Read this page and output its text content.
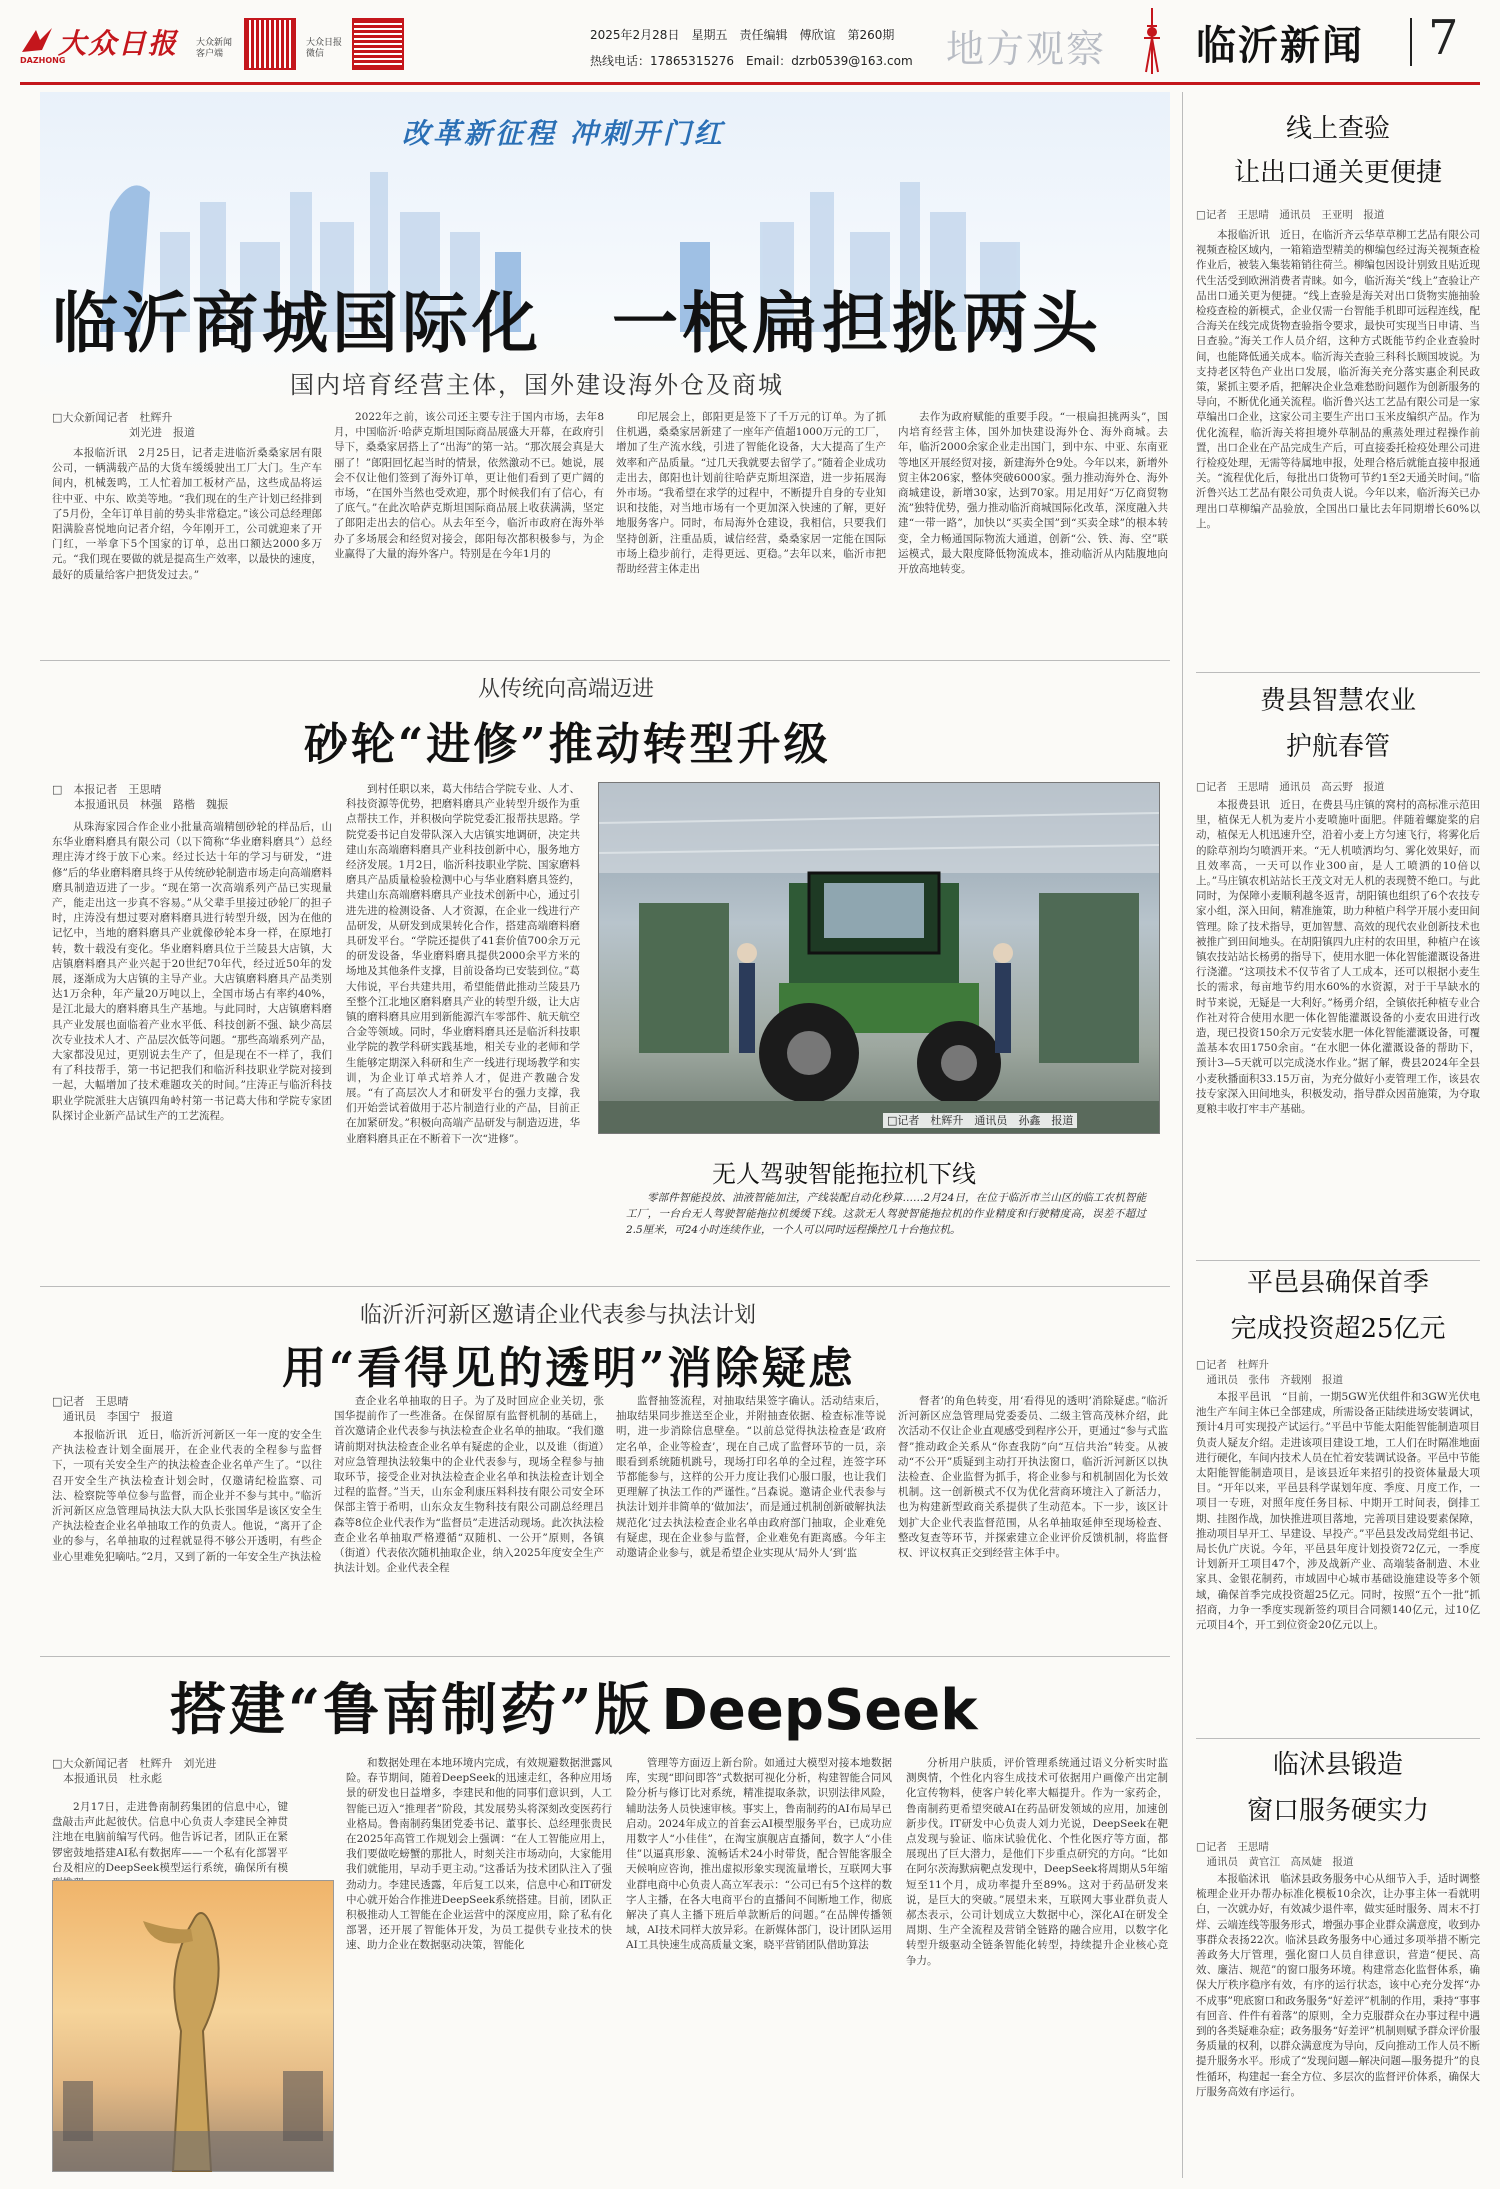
大众日报
DAZHONG
大众新闻
客户端
大众日报
微信
2025年2月28日　星期五　责任编辑　傅欣谊　第260期
热线电话：17865315276　Email：dzrb0539@163.com 地方观察 临沂新闻 7
改革新征程 冲刺开门红
临沂商城国际化　一根扁担挑两头
国内培育经营主体，国外建设海外仓及商城
□大众新闻记者　杜辉升
　　　　　　　刘光进　报道

本报临沂讯　2月25日，记者走进临沂桑桑家居有限公司，一辆满载产品的大货车缓缓驶出工厂大门。生产车间内，机械轰鸣，工人忙着加工板材产品，这些成品将运往中亚、中东、欧美等地。“我们现在的生产计划已经排到了5月份，全年订单目前的势头非常稳定。”该公司总经理郎阳满脸喜悦地向记者介绍，今年刚开工，公司就迎来了开门红，一举拿下5个国家的订单，总出口额达2000多万元。“我们现在要做的就是提高生产效率，以最快的速度，最好的质量给客户把货发过去。”

2022年之前，该公司还主要专注于国内市场，去年8月，中国临沂·哈萨克斯坦国际商品展盛大开幕，在政府引导下，桑桑家居搭上了“出海”的第一站。“那次展会真是大丽了！”郎阳回忆起当时的情景，依然激动不已。她说，展会不仅让他们签到了海外订单，更让他们看到了更广阔的市场，“在国外当然也受欢迎，那个时候我们有了信心，有了底气。”在此次哈萨克斯坦国际商品展上收获满满，坚定了郎阳走出去的信心。从去年至今，临沂市政府在海外举办了多场展会和经贸对接会，郎阳每次都积极参与，为企业赢得了大量的海外客户。特别是在今年1月的

印尼展会上，郎阳更是签下了千万元的订单。为了抓住机遇，桑桑家居新建了一座年产值超1000万元的工厂，增加了生产流水线，引进了智能化设备，大大提高了生产效率和产品质量。“过几天我就要去留学了。”随着企业成功走出去，郎阳也计划前往哈萨克斯坦深造，进一步拓展海外市场。“我希望在求学的过程中，不断提升自身的专业知识和技能，对当地市场有一个更加深入快速的了解，更好地服务客户。同时，布局海外仓建设，我相信，只要我们坚持创新，注重品质，诚信经营，桑桑家居一定能在国际市场上稳步前行，走得更远、更稳。”去年以来，临沂市把帮助经营主体走出

去作为政府赋能的重要手段。“一根扁担挑两头”，国内培育经营主体，国外加快建设海外仓、海外商城。去年，临沂2000余家企业走出国门，到中东、中亚、东南亚等地区开展经贸对接，新建海外仓9处。今年以来，新增外贸主体206家，整体突破6000家。强力推动海外仓、海外商城建设，新增30家，达到70家。用足用好“万亿商贸物流”独特优势，强力推动临沂商城国际化改革，深度融入共建“一带一路”，加快以“买卖全国”到“买卖全球”的根本转变，全力畅通国际物流大通道，创新“公、铁、海、空”联运模式，最大限度降低物流成本，推动临沂从内陆腹地向开放高地转变。

从传统向高端迈进
砂轮“进修”推动转型升级
□　本报记者　王思晴
　　本报通讯员　林强　路楷　魏振

从珠海家园合作企业小批量高端精刨砂轮的样品后，山东华业磨料磨具有限公司（以下简称“华业磨料磨具”）总经理庄涛才终于放下心来。经过长达十年的学习与研发，“进修”后的华业磨料磨具终于从传统砂轮制造市场走向高端磨料磨具制造迈进了一步。“现在第一次高端系列产品已实现量产，能走出这一步真不容易。”从父辈手里接过砂轮厂的担子时，庄涛没有想过要对磨料磨具进行转型升级，因为在他的记忆中，当地的磨料磨具产业就像砂轮本身一样，在原地打转，数十载没有变化。华业磨料磨具位于兰陵县大店镇，大店镇磨料磨具产业兴起于20世纪70年代，经过近50年的发展，逐渐成为大店镇的主导产业。大店镇磨料磨具产品类别达1万余种，年产量20万吨以上，全国市场占有率约40%，是江北最大的磨料磨具生产基地。与此同时，大店镇磨料磨具产业发展也面临着产业水平低、科技创新不强、缺少高层次专业技术人才、产品层次低等问题。“那些高端系列产品，大家都没见过，更别说去生产了，但是现在不一样了，我们有了科技帮手，第一书记把我们和临沂科技职业学院对接到一起，大幅增加了技术难题攻关的时间。”庄涛正与临沂科技职业学院派驻大店镇四角岭村第一书记葛大伟和学院专家团队探讨企业新产品试生产的工艺流程。

到村任职以来，葛大伟结合学院专业、人才、科技资源等优势，把磨料磨具产业转型升级作为重点帮扶工作，并积极向学院党委汇报帮扶思路。学院党委书记自发带队深入大店镇实地调研，决定共建山东高端磨料磨具产业科技创新中心，服务地方经济发展。1月2日，临沂科技职业学院、国家磨料磨具产品质量检验检测中心与华业磨料磨具签约，共建山东高端磨料磨具产业技术创新中心，通过引进先进的检测设备、人才资源，在企业一线进行产品研发，从研发到成果转化合作，搭建高端磨料磨具研发平台。“学院还提供了41套价值700余万元的研发设备，华业磨料磨具提供2000余平方米的场地及其他条件支撑，目前设备均已安装到位。”葛大伟说，平台共建共用，希望能借此推动兰陵县乃至整个江北地区磨料磨具产业的转型升级，让大店镇的磨料磨具应用到新能源汽车零部件、航天航空合金等领域。同时，华业磨料磨具还是临沂科技职业学院的教学科研实践基地，相关专业的老师和学生能够定期深入科研和生产一线进行现场教学和实训，为企业订单式培养人才，促进产教融合发展。“有了高层次人才和研发平台的强力支撑，我们开始尝试着做用于芯片制造行业的产品，目前正在加紧研发。”积极向高端产品研发与制造迈进，华业磨料磨具正在不断着下一次“进修”。

□记者　杜辉升　通讯员　孙鑫　报道
无人驾驶智能拖拉机下线
零部件智能投放、油液智能加注，产线装配自动化秒算……2月24日，在位于临沂市兰山区的临工农机智能工厂，一台台无人驾驶智能拖拉机缓缓下线。这款无人驾驶智能拖拉机的作业精度和行驶精度高，误差不超过2.5厘米，可24小时连续作业，一个人可以同时远程操控几十台拖拉机。
临沂沂河新区邀请企业代表参与执法计划
用“看得见的透明”消除疑虑
□记者　王思晴
　通讯员　李国宁　报道

本报临沂讯　近日，临沂沂河新区一年一度的安全生产执法检查计划全面展开，在企业代表的全程参与监督下，一项有关安全生产的执法检查企业名单产生了。“以往召开安全生产执法检查计划会时，仅邀请纪检监察、司法、检察院等单位参与监督，而企业并不参与其中。”临沂沂河新区应急管理局执法大队大队长张国华是该区安全生产执法检查企业名单抽取工作的负责人。他说，“离开了企业的参与，名单抽取的过程就显得不够公开透明，有些企业心里难免犯嘀咕。”2月，又到了新的一年安全生产执法检

查企业名单抽取的日子。为了及时回应企业关切，张国华提前作了一些准备。在保留原有监督机制的基础上，首次邀请企业代表参与执法检查企业名单的抽取。“我们邀请前期对执法检查企业名单有疑虑的企业，以及谁（街道）对应急管理执法较集中的企业代表参与，现场全程参与抽取环节，接受企业对执法检查企业名单和执法检查计划全过程的监督。”当天，山东金利康压料科技有限公司安全环保部主管于希明，山东众友生物科技有限公司副总经理吕森等8位企业代表作为“监督员”走进活动现场。此次执法检查企业名单抽取严格遵循“双随机、一公开”原则，各镇（街道）代表依次随机抽取企业，纳入2025年度安全生产执法计划。企业代表全程

监督抽签流程，对抽取结果签字确认。活动结束后，抽取结果同步推送至企业，并附抽查依据、检查标准等说明，进一步消除信息壁垒。“以前总觉得执法检查是‘政府定名单，企业等检查’，现在自己成了监督环节的一员，亲眼看到系统随机跳号，现场打印名单的全过程，连签字环节都能参与，这样的公开力度让我们心服口服，也让我们更理解了执法工作的严谨性。”吕森说。邀请企业代表参与执法计划并非简单的‘做加法’，而是通过机制创新破解执法规范化‘过去执法检查企业名单由政府部门抽取，企业难免有疑虑，现在企业参与监督，企业难免有距离感。今年主动邀请企业参与，就是希望企业实现从‘局外人’到‘监

督者’的角色转变，用‘看得见的透明’消除疑虑。”临沂沂河新区应急管理局党委委员、二级主管高茂林介绍，此次活动不仅让企业直观感受到程序公开，更通过“参与式监督”推动政企关系从“你查我防”向“互信共治”转变。从被动“不公开”质疑到主动打开执法窗口，临沂沂河新区以执法检查、企业监督为抓手，将企业参与和机制固化为长效机制。这一创新模式不仅为优化营商环境注入了新活力，也为构建新型政商关系提供了生动范本。下一步，该区计划扩大企业代表监督范围，从名单抽取延伸至现场检查、整改复查等环节，并探索建立企业评价反馈机制，将监督权、评议权真正交到经营主体手中。

搭建“鲁南制药”版 DeepSeek
□大众新闻记者　杜辉升　刘光进
　本报通讯员　杜永彪

2月17日，走进鲁南制药集团的信息中心，键盘敲击声此起彼伏。信息中心负责人李建民全神贯注地在电脑前编写代码。他告诉记者，团队正在紧锣密鼓地搭建AI私有数据库——一个私有化部署平台及相应的DeepSeek模型运行系统，确保所有模

和数据处理在本地环境内完成，有效规避数据泄露风险。春节期间，随着DeepSeek的迅速走红，各种应用场景的研发也日益增多，李建民和他的同事们意识到，人工智能已迈入“推理者”阶段，其发展势头将深刻改变医药行业格局。鲁南制药集团党委书记、董事长、总经理张贵民在2025年高管工作规划会上强调：“在人工智能应用上，我们要做吃螃蟹的那批人，时刻关注市场动向，大家能用我们就能用，早动手更主动。”这番话为技术团队注入了强劲动力。李建民透露，年后复工以来，信息中心和IT研发中心就开始合作推进DeepSeek系统搭建。目前，团队正积极推动人工智能在企业运营中的深度应用，除了私有化部署，还开展了智能体开发，为员工提供专业技术的快速、助力企业在数据驱动决策，智能化

管理等方面迈上新台阶。如通过大模型对接本地数据库，实现“即问即答”式数据可视化分析，构建智能合同风险分析与修订比对系统，精准提取条款，识别法律风险，辅助法务人员快速审核。事实上，鲁南制药的AI布局早已启动。2024年成立的首套云AI模型服务平台，已成功应用数字人“小佳佳”，在淘宝旗舰店直播间，数字人“小佳佳”以逼真形象、流畅话术24小时带货，配合智能客服全天候响应咨询，推出虚拟形象实现流量增长，互联网大事业群电商中心负责人高立军表示：“公司已有5个这样的数字人主播，在各大电商平台的直播间不间断地工作，彻底解决了真人主播下班后单款断后的问题。”在品牌传播领域，AI技术同样大放异彩。在新媒体部门，设计团队运用AI工具快速生成高质量文案，晓平营销团队借助算法

分析用户肤质，评价管理系统通过语义分析实时监测舆情，个性化内容生成技术可依据用户画像产出定制化宣传物料，使客户转化率大幅提升。作为一家药企，鲁南制药更希望突破AI在药品研发领域的应用，加速创新步伐。IT研发中心负责人刘力光说，DeepSeek在靶点发现与验证、临床试验优化、个性化医疗等方面，都展现出了巨大潜力，是他们下步重点研究的方向。“比如在阿尔茨海默病靶点发现中，DeepSeek将周期从5年缩短至11个月，成功率提升至89%。这对于药品研发来说，是巨大的突破。”展望未来，互联网大事业群负责人郝杰表示，公司计划成立大数据中心，深化AI在研发全周期、生产全流程及营销全链路的融合应用，以数字化转型升级驱动全链条智能化转型，持续提升企业核心竞争力。

线上查验
让出口通关更便捷
□记者　王思晴　通讯员　王亚明　报道

本报临沂讯　近日，在临沂齐云华草草柳工艺品有限公司视频查检区域内，一箱箱造型精美的柳编包经过海关视频查检作业后，被装入集装箱销往荷兰。柳编包因设计别致且贴近现代生活受到欧洲消费者青睐。如今，临沂海关“线上”查验让产品出口通关更为便捷。“线上查验是海关对出口货物实施抽验检疫查检的新模式，企业仅需一台智能手机即可远程连线，配合海关在线完成货物查验指令要求，最快可实现当日申请、当日查验。”海关工作人员介绍，这种方式既能节约企业查验时间，也能降低通关成本。临沂海关查验三科科长顾国坡说。为支持老区特色产业出口发展，临沂海关充分落实惠企利民政策，紧抓主要矛盾，把解决企业急难愁盼问题作为创新服务的导向，不断优化通关流程。临沂鲁兴达工艺品有限公司是一家草编出口企业，这家公司主要生产出口玉米皮编织产品。作为优化流程，临沂海关将担境外草制品的熏蒸处理过程操作前置，出口企业在产品完成生产后，可直接委托检疫处理公司进行检疫处理，无需等待属地申报，处理合格后就能直接申报通关。“流程优化后，每批出口货物可节约1至2天通关时间。”临沂鲁兴达工艺品有限公司负责人说。今年以来，临沂海关已办理出口草柳编产品验放，全国出口量比去年同期增长60%以上。

费县智慧农业
护航春管
□记者　王思晴　通讯员　高云野　报道

本报费县讯　近日，在费县马庄镇的窝村的高标准示范田里，植保无人机为麦片小麦喷施叶面肥。伴随着螺旋桨的启动，植保无人机迅速升空，沿着小麦上方匀速飞行，将雾化后的除草剂均匀喷洒开来。“无人机喷洒均匀、雾化效果好，而且效率高，一天可以作业300亩，是人工喷洒的10倍以上。”马庄镇农机站站长王茂文对无人机的表现赞不绝口。与此同时，为保障小麦顺利越冬返青，胡阳镇也组织了6个农技专家小组，深入田间，精准施策，助力种植户科学开展小麦田间管理。除了技术指导，更加智慧、高效的现代农业创新技术也被推广到田间地头。在胡阳镇四九庄村的农田里，种植户在该镇农技站站长杨勇的指导下，使用水肥一体化智能灌溉设备进行浇灌。“这项技术不仅节省了人工成本，还可以根据小麦生长的需求，每亩地节约用水60%的水资源，对于干旱缺水的时节来说，无疑是一大利好。”杨勇介绍，全镇依托种植专业合作社对符合使用水肥一体化智能灌溉设备的小麦农田进行改造，现已投资150余万元安装水肥一体化智能灌溉设备，可覆盖基本农田1750余亩。“在水肥一体化灌溉设备的帮助下，预计3—5天就可以完成浇水作业。”据了解，费县2024年全县小麦秋播面积33.15万亩，为充分做好小麦管理工作，该县农技专家深入田间地头，积极发动，指导群众因苗施策，为夺取夏粮丰收打牢丰产基础。

平邑县确保首季
完成投资超25亿元
□记者　杜辉升
　通讯员　张伟　齐载刚　报道

本报平邑讯　“目前，一期5GW光伏组件和3GW光伏电池生产车间主体已全部建成，所需设备正陆续进场安装调试，预计4月可实现投产试运行。”平邑中节能太阳能智能制造项目负责人疑友介绍。走进该项目建设工地，工人们在时隔准地面进行硬化，车间内技术人员在忙着安装调试设备。平邑中节能太阳能智能制造项目，是该县近年来招引的投资体量最大项目。“开年以来，平邑县科学谋划年度、季度、月度工作，一项目一专班，对照年度任务目标、中期开工时间表，倒排工期、挂图作战，加快推进项目落地，完善项目建设要素保障，推动项目早开工、早建设、早投产。”平邑县发改局党组书记、局长仇广庆说。今年，平邑县年度计划投资72亿元，一季度计划新开工项目47个，涉及战新产业、高端装备制造、木业家具、金银花制药，市域固中心城市基础设施建设等多个领域，确保首季完成投资超25亿元。同时，按照“五个一批”抓招商，力争一季度实现新签约项目合同额140亿元，过10亿元项目4个，开工到位资金20亿元以上。

临沭县锻造
窗口服务硬实力
□记者　王思晴
　通讯员　黄官江　高凤婕　报道

本报临沭讯　临沭县政务服务中心从细节入手，适时调整梳理企业开办帮办标准化模板10余次，让办事主体一看就明白，一次就办好，有效减少退件率，做实延时服务、周末不打烊、云端连线等服务形式，增强办事企业群众满意度，收到办事群众表扬22次。临沭县政务服务中心通过多项举措不断完善政务大厅管理，强化窗口人员自律意识，营造“便民、高效、廉洁、规范”的窗口服务环境。构建常态化监督体系，确保大厅秩序稳序有效，有序的运行状态，该中心充分发挥“办不成事”兜底窗口和政务服务“好差评”机制的作用，秉持“事事有回音、件件有着落”的原则，全力克服群众在办事过程中遇到的各类疑难杂症；政务服务“好差评”机制则赋予群众评价服务质量的权利，以群众满意度为导向，反向推动工作人员不断提升服务水平。形成了“发现问题—解决问题—服务提升”的良性循环，构建起一套全方位、多层次的监督评价体系，确保大厅服务高效有序运行。
